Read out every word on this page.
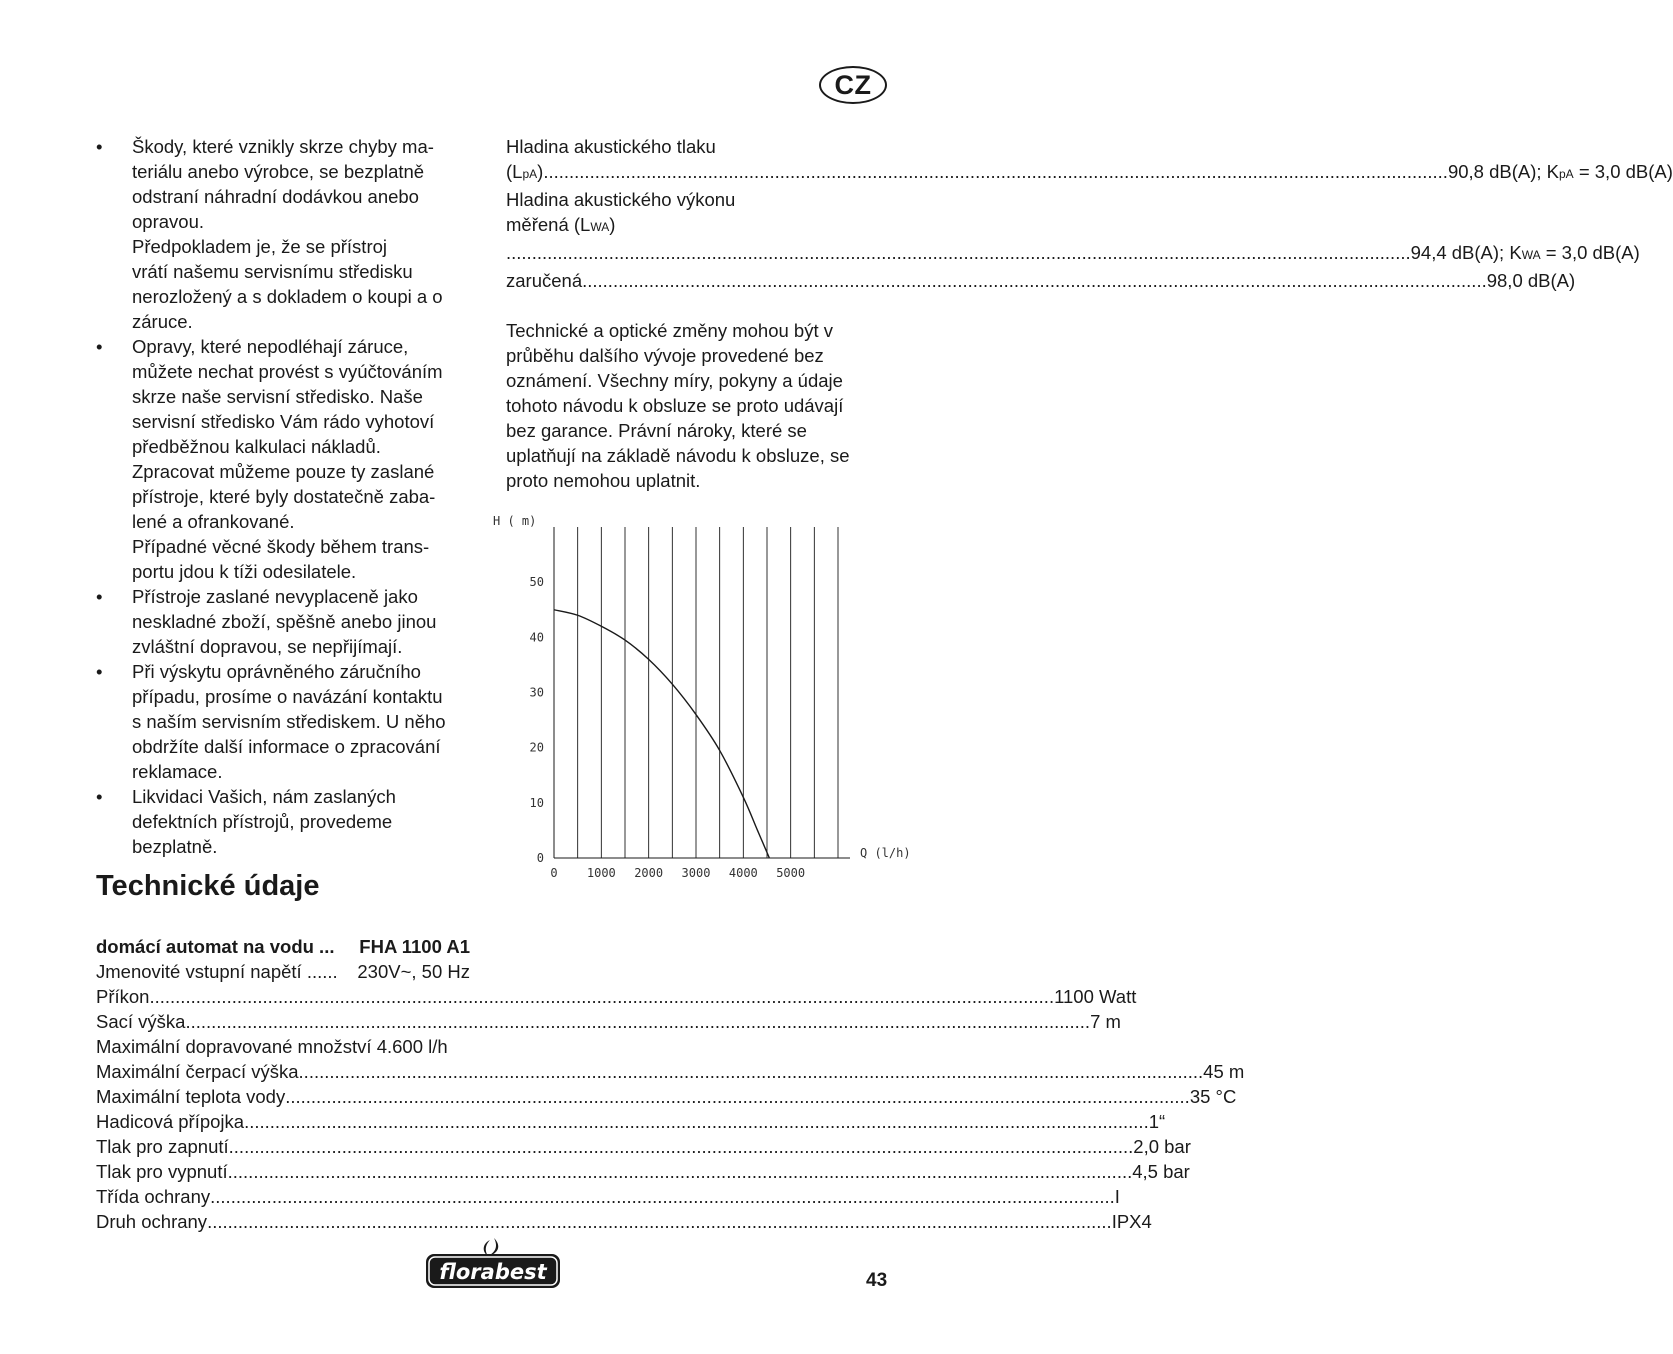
CZ
• Škody, které vznikly skrze chyby ma-
teriálu anebo výrobce, se bezplatně
odstraní náhradní dodávkou anebo
opravou.
Předpokladem je, že se přístroj
vrátí našemu servisnímu středisku
nerozložený a s dokladem o koupi a o
záruce.
• Opravy, které nepodléhají záruce,
můžete nechat provést s vyúčtováním
skrze naše servisní středisko. Naše
servisní středisko Vám rádo vyhotoví
předběžnou kalkulaci nákladů.
Zpracovat můžeme pouze ty zaslané
přístroje, které byly dostatečně zaba-
lené a ofrankované.
Případné věcné škody během trans-
portu jdou k tíži odesilatele.
• Přístroje zaslané nevyplaceně jako
neskladné zboží, spěšně anebo jinou
zvláštní dopravou, se nepřijímají.
• Při výskytu oprávněného záručního
případu, prosíme o navázání kontaktu
s naším servisním střediskem. U něho
obdržíte další informace o zpracování
reklamace.
• Likvidaci Vašich, nám zaslaných
defektních přístrojů, provedeme
bezplatně.
Hladina akustického tlaku
(LpA) .....	90,8 dB(A); KpA = 3,0 dB(A)
Hladina akustického výkonu
měřená (LWA)
.....
94,4 dB(A); KWA = 3,0 dB(A)
zaručená .....	98,0 dB(A)
Technické a optické změny mohou být v
průběhu dalšího vývoje provedené bez
oznámení. Všechny míry, pokyny a údaje
tohoto návodu k obsluze se proto udávají
bez garance. Právní nároky, které se
uplatňují na základě návodu k obsluze, se
proto nemohou uplatnit.
0
10
20
30
40
50
0 1000 2000 3000 4000 5000
H ( m)
Q (l/h)
Technické údaje
domácí automat na vodu ... FHA 1100 A1
Jmenovité vstupní napětí ...... 230V~, 50 Hz
Příkon .....	1100 Watt
Sací výška .....	7 m
Maximální dopravované množství 4.600 l/h
Maximální čerpací výška .....	45 m
Maximální teplota vody .....	35 °C
Hadicová přípojka .....	1“
Tlak pro zapnutí .....	2,0 bar
Tlak pro vypnutí .....	4,5 bar
Třída ochrany .....	I
Druh ochrany .....	IPX4
florabest	43
